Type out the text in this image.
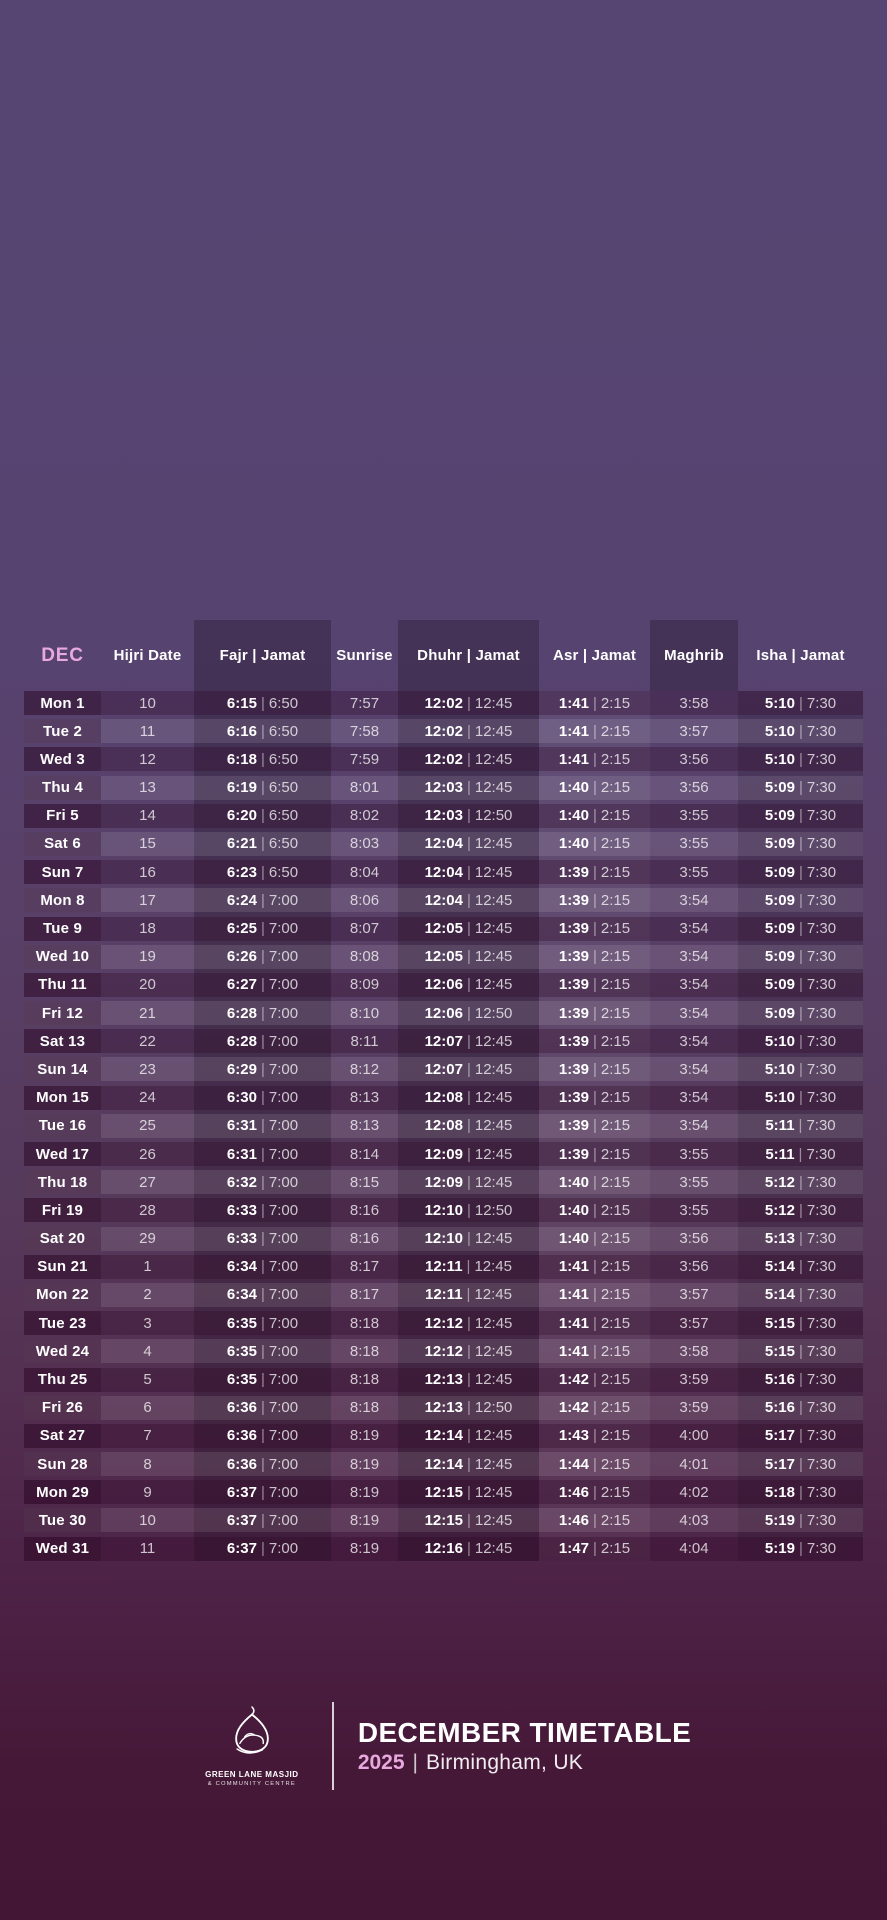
DEC	Hijri Date	Fajr | Jamat	Sunrise	Dhuhr | Jamat	Asr | Jamat	Maghrib	Isha | Jamat
Mon 1	10	6:15 | 6:50	7:57	12:02 | 12:45	1:41 | 2:15	3:58	5:10 | 7:30
Tue 2	11	6:16 | 6:50	7:58	12:02 | 12:45	1:41 | 2:15	3:57	5:10 | 7:30
Wed 3	12	6:18 | 6:50	7:59	12:02 | 12:45	1:41 | 2:15	3:56	5:10 | 7:30
Thu 4	13	6:19 | 6:50	8:01	12:03 | 12:45	1:40 | 2:15	3:56	5:09 | 7:30
Fri 5	14	6:20 | 6:50	8:02	12:03 | 12:50	1:40 | 2:15	3:55	5:09 | 7:30
Sat 6	15	6:21 | 6:50	8:03	12:04 | 12:45	1:40 | 2:15	3:55	5:09 | 7:30
Sun 7	16	6:23 | 6:50	8:04	12:04 | 12:45	1:39 | 2:15	3:55	5:09 | 7:30
Mon 8	17	6:24 | 7:00	8:06	12:04 | 12:45	1:39 | 2:15	3:54	5:09 | 7:30
Tue 9	18	6:25 | 7:00	8:07	12:05 | 12:45	1:39 | 2:15	3:54	5:09 | 7:30
Wed 10	19	6:26 | 7:00	8:08	12:05 | 12:45	1:39 | 2:15	3:54	5:09 | 7:30
Thu 11	20	6:27 | 7:00	8:09	12:06 | 12:45	1:39 | 2:15	3:54	5:09 | 7:30
Fri 12	21	6:28 | 7:00	8:10	12:06 | 12:50	1:39 | 2:15	3:54	5:09 | 7:30
Sat 13	22	6:28 | 7:00	8:11	12:07 | 12:45	1:39 | 2:15	3:54	5:10 | 7:30
Sun 14	23	6:29 | 7:00	8:12	12:07 | 12:45	1:39 | 2:15	3:54	5:10 | 7:30
Mon 15	24	6:30 | 7:00	8:13	12:08 | 12:45	1:39 | 2:15	3:54	5:10 | 7:30
Tue 16	25	6:31 | 7:00	8:13	12:08 | 12:45	1:39 | 2:15	3:54	5:11 | 7:30
Wed 17	26	6:31 | 7:00	8:14	12:09 | 12:45	1:39 | 2:15	3:55	5:11 | 7:30
Thu 18	27	6:32 | 7:00	8:15	12:09 | 12:45	1:40 | 2:15	3:55	5:12 | 7:30
Fri 19	28	6:33 | 7:00	8:16	12:10 | 12:50	1:40 | 2:15	3:55	5:12 | 7:30
Sat 20	29	6:33 | 7:00	8:16	12:10 | 12:45	1:40 | 2:15	3:56	5:13 | 7:30
Sun 21	1	6:34 | 7:00	8:17	12:11 | 12:45	1:41 | 2:15	3:56	5:14 | 7:30
Mon 22	2	6:34 | 7:00	8:17	12:11 | 12:45	1:41 | 2:15	3:57	5:14 | 7:30
Tue 23	3	6:35 | 7:00	8:18	12:12 | 12:45	1:41 | 2:15	3:57	5:15 | 7:30
Wed 24	4	6:35 | 7:00	8:18	12:12 | 12:45	1:41 | 2:15	3:58	5:15 | 7:30
Thu 25	5	6:35 | 7:00	8:18	12:13 | 12:45	1:42 | 2:15	3:59	5:16 | 7:30
Fri 26	6	6:36 | 7:00	8:18	12:13 | 12:50	1:42 | 2:15	3:59	5:16 | 7:30
Sat 27	7	6:36 | 7:00	8:19	12:14 | 12:45	1:43 | 2:15	4:00	5:17 | 7:30
Sun 28	8	6:36 | 7:00	8:19	12:14 | 12:45	1:44 | 2:15	4:01	5:17 | 7:30
Mon 29	9	6:37 | 7:00	8:19	12:15 | 12:45	1:46 | 2:15	4:02	5:18 | 7:30
Tue 30	10	6:37 | 7:00	8:19	12:15 | 12:45	1:46 | 2:15	4:03	5:19 | 7:30
Wed 31	11	6:37 | 7:00	8:19	12:16 | 12:45	1:47 | 2:15	4:04	5:19 | 7:30
GREEN LANE MASJID
& COMMUNITY CENTRE
DECEMBER TIMETABLE
2025 | Birmingham, UK
